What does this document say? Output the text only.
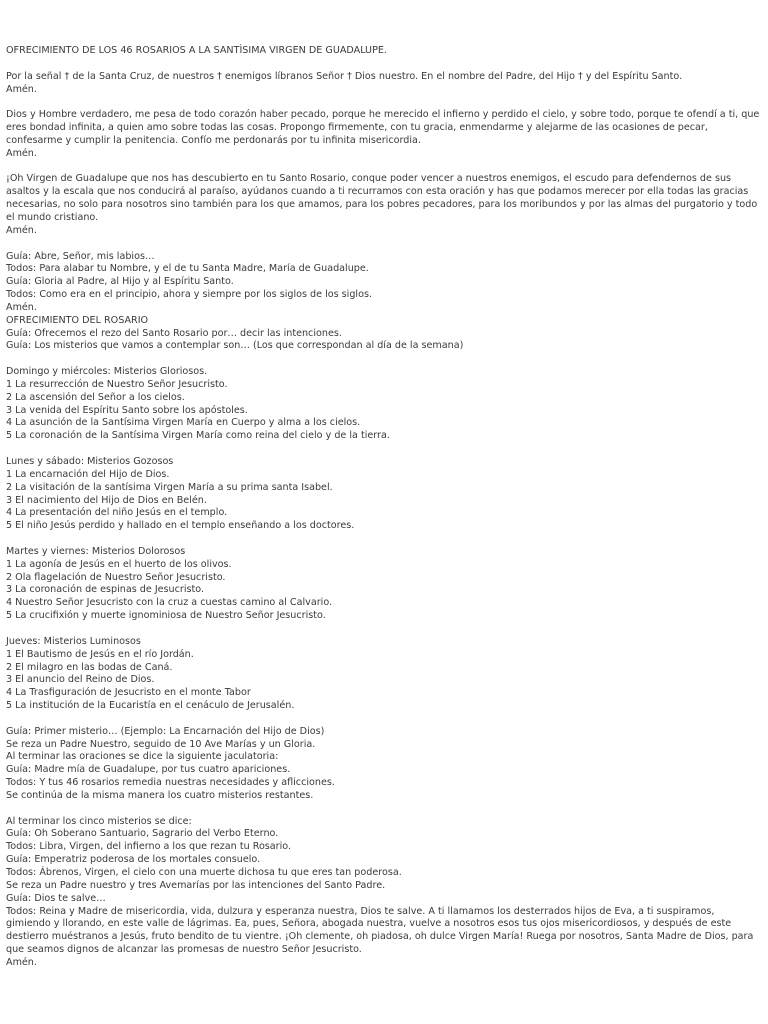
OFRECIMIENTO DE LOS 46 ROSARIOS A LA SANTÌSIMA VIRGEN DE GUADALUPE.
Por la señal † de la Santa Cruz, de nuestros † enemigos líbranos Señor † Dios nuestro. En el nombre del Padre, del Hijo † y del Espíritu Santo.
Amén.
Dios y Hombre verdadero, me pesa de todo corazón haber pecado, porque he merecido el infierno y perdido el cielo, y sobre todo, porque te ofendí a ti, que eres bondad infinita, a quien amo sobre todas las cosas. Propongo firmemente, con tu gracia, enmendarme y alejarme de las ocasiones de pecar, confesarme y cumplir la penitencia. Confío me perdonarás por tu infinita misericordia.
Amén.
¡Oh Virgen de Guadalupe que nos has descubierto en tu Santo Rosario, conque poder vencer a nuestros enemigos, el escudo para defendernos de sus asaltos y la escala que nos conducirá al paraíso, ayúdanos cuando a ti recurramos con esta oración y has que podamos merecer por ella todas las gracias necesarias, no solo para nosotros sino también para los que amamos, para los pobres pecadores, para los moribundos y por las almas del purgatorio y todo el mundo cristiano.
Amén.
Guía: Abre, Señor, mis labios…
Todos: Para alabar tu Nombre, y el de tu Santa Madre, María de Guadalupe.
Guía: Gloria al Padre, al Hijo y al Espíritu Santo.
Todos: Como era en el principio, ahora y siempre por los siglos de los siglos.
Amén.
OFRECIMIENTO DEL ROSARIO
Guía: Ofrecemos el rezo del Santo Rosario por… decir las intenciones.
Guía: Los misterios que vamos a contemplar son… (Los que correspondan al día de la semana)
Domingo y miércoles: Misterios Gloriosos.
1 La resurrección de Nuestro Señor Jesucristo.
2 La ascensión del Señor a los cielos.
3 La venida del Espíritu Santo sobre los apóstoles.
4 La asunción de la Santísima Virgen María en Cuerpo y alma a los cielos.
5 La coronación de la Santísima Virgen María como reina del cielo y de la tierra.
Lunes y sábado: Misterios Gozosos
1 La encarnación del Hijo de Dios.
2 La visitación de la santísima Virgen María a su prima santa Isabel.
3 El nacimiento del Hijo de Dios en Belén.
4 La presentación del niño Jesús en el templo.
5 El niño Jesús perdido y hallado en el templo enseñando a los doctores.
Martes y viernes: Misterios Dolorosos
1 La agonía de Jesús en el huerto de los olivos.
2 Ola flagelación de Nuestro Señor Jesucristo.
3 La coronación de espinas de Jesucristo.
4 Nuestro Señor Jesucristo con la cruz a cuestas camino al Calvario.
5 La crucifixión y muerte ignominiosa de Nuestro Señor Jesucristo.
Jueves: Misterios Luminosos
1 El Bautismo de Jesús en el río Jordán.
2 El milagro en las bodas de Caná.
3 El anuncio del Reino de Dios.
4 La Trasfiguración de Jesucristo en el monte Tabor
5 La institución de la Eucaristía en el cenáculo de Jerusalén.
Guía: Primer misterio… (Ejemplo: La Encarnación del Hijo de Dios)
Se reza un Padre Nuestro, seguido de 10 Ave Marías y un Gloria.
Al terminar las oraciones se dice la siguiente jaculatoria:
Guía: Madre mía de Guadalupe, por tus cuatro apariciones.
Todos: Y tus 46 rosarios remedia nuestras necesidades y aflicciones.
Se continúa de la misma manera los cuatro misterios restantes.
Al terminar los cinco misterios se dice:
Guía: Oh Soberano Santuario, Sagrario del Verbo Eterno.
Todos: Libra, Virgen, del infierno a los que rezan tu Rosario.
Guía: Emperatriz poderosa de los mortales consuelo.
Todos: Ábrenos, Virgen, el cielo con una muerte dichosa tu que eres tan poderosa.
Se reza un Padre nuestro y tres Avemarías por las intenciones del Santo Padre.
Guía: Dios te salve…
Todos: Reina y Madre de misericordia, vida, dulzura y esperanza nuestra, Dios te salve. A ti llamamos los desterrados hijos de Eva, a ti suspiramos, gimiendo y llorando, en este valle de lágrimas. Ea, pues, Señora, abogada nuestra, vuelve a nosotros esos tus ojos misericordiosos, y después de este destierro muéstranos a Jesús, fruto bendito de tu vientre. ¡Oh clemente, oh piadosa, oh dulce Virgen María! Ruega por nosotros, Santa Madre de Dios, para que seamos dignos de alcanzar las promesas de nuestro Señor Jesucristo.
Amén.
